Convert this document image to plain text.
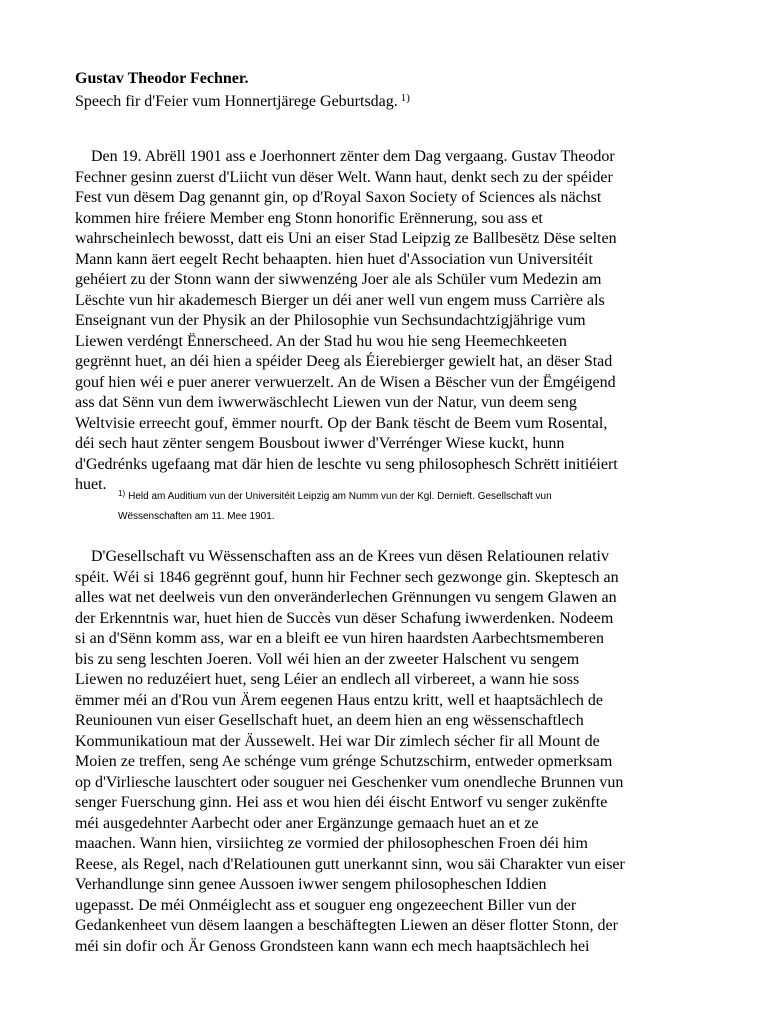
Gustav Theodor Fechner.
Speech fir d'Feier vum Honnertjärege Geburtsdag. $^{1)}$
Den 19. Abrëll 1901 ass e Joerhonnert zënter dem Dag vergaang. Gustav Theodor
Fechner gesinn zuerst d'Liicht vun dëser Welt. Wann haut, denkt sech zu der spéider
Fest vun dësem Dag genannt gin, op d'Royal Saxon Society of Sciences als nächst
kommen hire fréiere Member eng Stonn honorific Erënnerung, sou ass et
wahrscheinlech bewosst, datt eis Uni an eiser Stad Leipzig ze Ballbesëtz Dëse selten
Mann kann äert eegelt Recht behaapten. hien huet d'Association vun Universitéit
gehéiert zu der Stonn wann der siwwenzéng Joer ale als Schüler vum Medezin am
Lëschte vun hir akademesch Bierger un déi aner well vun engem muss Carrière als
Enseignant vun der Physik an der Philosophie vun Sechsundachtzigjährige vum
Liewen verdéngt Ënnerscheed. An der Stad hu wou hie seng Heemechkeeten
gegrënnt huet, an déi hien a spéider Deeg als Éierebierger gewielt hat, an dëser Stad
gouf hien wéi e puer anerer verwuerzelt. An de Wisen a Bëscher vun der Ëmgéigend
ass dat Sënn vun dem iwwerwäschlecht Liewen vun der Natur, vun deem seng
Weltvisie erreecht gouf, ëmmer nourft. Op der Bank tëscht de Beem vum Rosental,
déi sech haut zënter sengem Bousbout iwwer d'Verrénger Wiese kuckt, hunn
d'Gedrénks ugefaang mat där hien de leschte vu seng philosophesch Schrëtt initiéiert
huet.
$^{1)}$ Held am Auditium vun der Universitéit Leipzig am Numm vun der Kgl. Dernieft. Gesellschaft vun
Wëssenschaften am 11. Mee 1901.
D'Gesellschaft vu Wëssenschaften ass an de Krees vun dësen Relatiounen relativ
spéit. Wéi si 1846 gegrënnt gouf, hunn hir Fechner sech gezwonge gin. Skeptesch an
alles wat net deelweis vun den onveränderlechen Grënnungen vu sengem Glawen an
der Erkenntnis war, huet hien de Succès vun dëser Schafung iwwerdenken. Nodeem
si an d'Sënn komm ass, war en a bleift ee vun hiren haardsten Aarbechtsmemberen
bis zu seng leschten Joeren. Voll wéi hien an der zweeter Halschent vu sengem
Liewen no reduzéiert huet, seng Léier an endlech all virbereet, a wann hie soss
ëmmer méi an d'Rou vun Ärem eegenen Haus entzu kritt, well et haaptsächlech de
Reuniounen vun eiser Gesellschaft huet, an deem hien an eng wëssenschaftlech
Kommunikatioun mat der Äussewelt. Hei war Dir zimlech sécher fir all Mount de
Moien ze treffen, seng Ae schénge vum grénge Schutzschirm, entweder opmerksam
op d'Virliesche lauschtert oder souguer nei Geschenker vum onendleche Brunnen vun
senger Fuerschung ginn. Hei ass et wou hien déi éischt Entworf vu senger zukënfte
méi ausgedehnter Aarbecht oder aner Ergänzunge gemaach huet an et ze
maachen. Wann hien, virsiichteg ze vormied der philosopheschen Froen déi him
Reese, als Regel, nach d'Relatiounen gutt unerkannt sinn, wou säi Charakter vun eiser
Verhandlunge sinn genee Aussoen iwwer sengem philosopheschen Iddien
ugepasst. De méi Onméiglecht ass et souguer eng ongezeechent Biller vun der
Gedankenheet vun dësem laangen a beschäftegten Liewen an dëser flotter Stonn, der
méi sin dofir och Är Genoss Grondsteen kann wann ech mech haaptsächlech hei
